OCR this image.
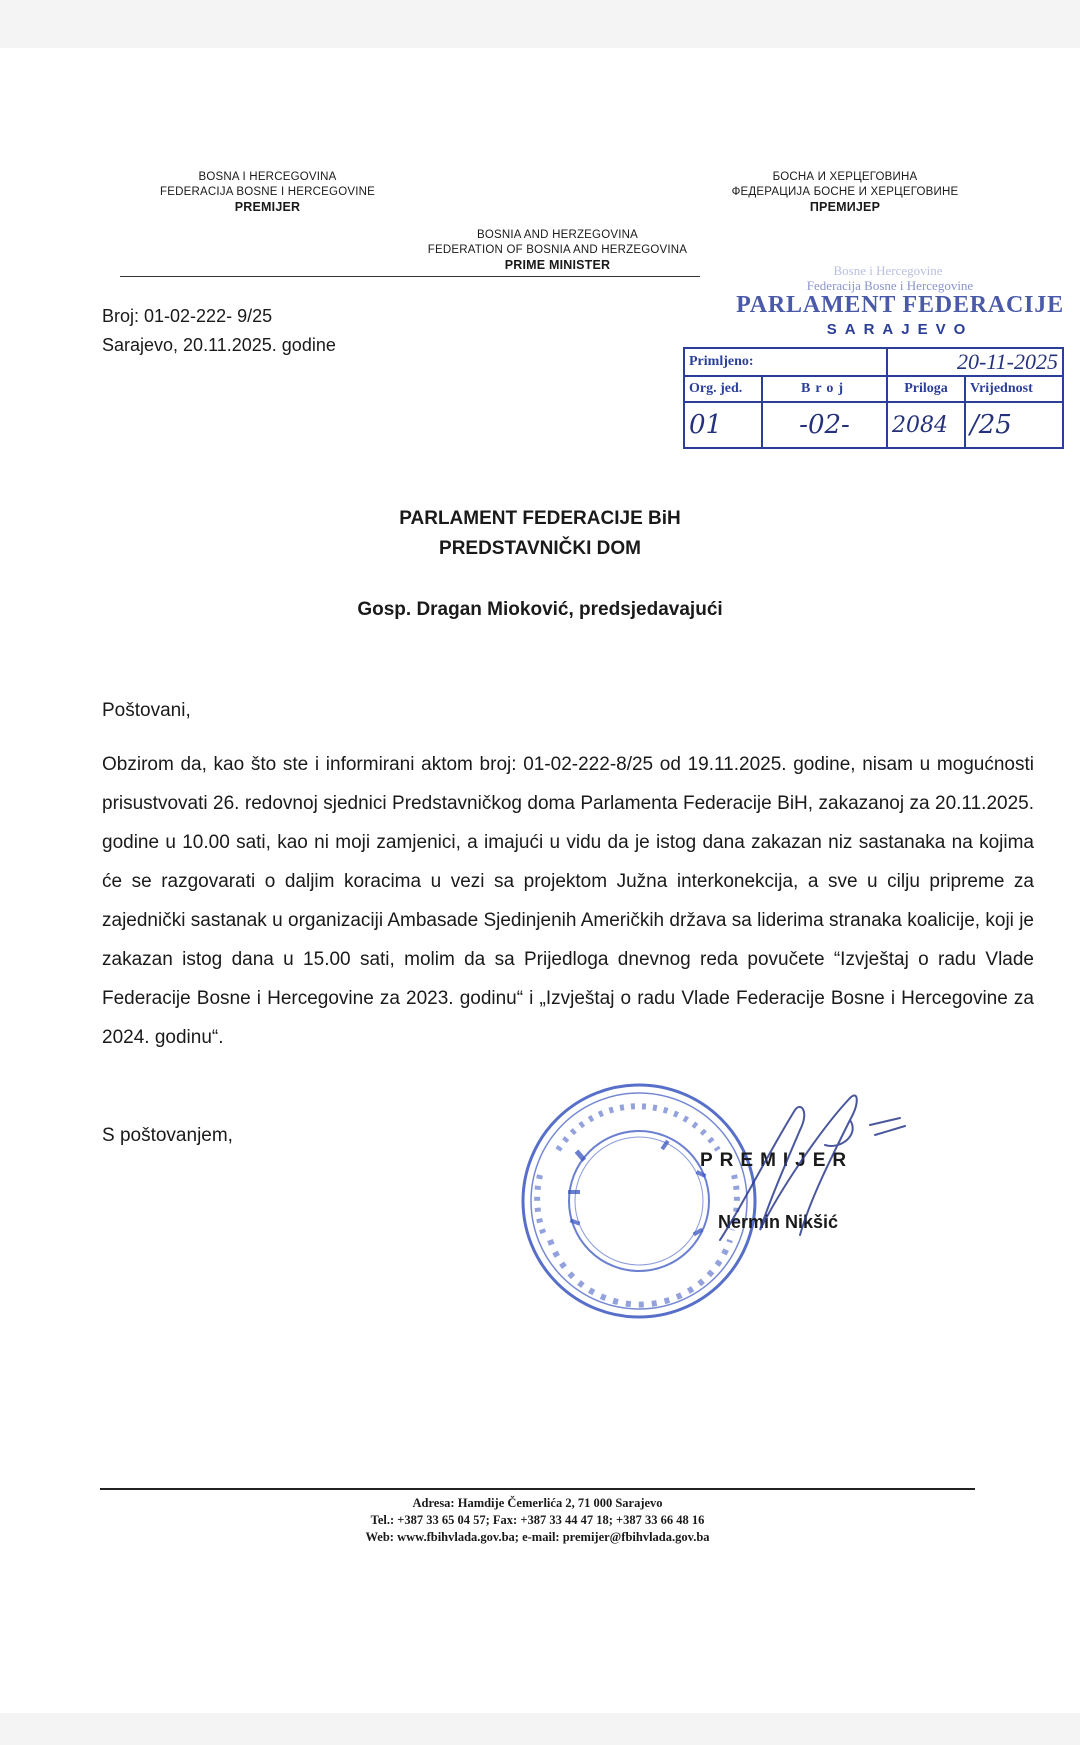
BOSNA I HERCEGOVINA
FEDERACIJA BOSNE I HERCEGOVINE
PREMIJER
БОСНА И ХЕРЦЕГОВИНА
ФЕДЕРАЦИЈА БОСНЕ И ХЕРЦЕГОВИНЕ
ПРЕМИЈЕР
BOSNIA AND HERZEGOVINA
FEDERATION OF BOSNIA AND HERZEGOVINA
PRIME MINISTER
Broj: 01-02-222- 9/25
Sarajevo, 20.11.2025. godine
Bosne i Hercegovine
Federacija Bosne i Hercegovine
PARLAMENT FEDERACIJE
SARAJEVO
Primljeno:		20-11-2025	
Org. jed.	Broj	Priloga	Vrijednost
01	-02-	2084	/25
PARLAMENT FEDERACIJE BiH
PREDSTAVNIČKI DOM
Gosp. Dragan Mioković, predsjedavajući
Poštovani,
Obzirom da, kao što ste i informirani aktom broj: 01-02-222-8/25 od 19.11.2025. godine, nisam u mogućnosti prisustvovati 26. redovnoj sjednici Predstavničkog doma Parlamenta Federacije BiH, zakazanoj za 20.11.2025. godine u 10.00 sati, kao ni moji zamjenici, a imajući u vidu da je istog dana zakazan niz sastanaka na kojima će se razgovarati o daljim koracima u vezi sa projektom Južna interkonekcija, a sve u cilju pripreme za zajednički sastanak u organizaciji Ambasade Sjedinjenih Američkih država sa liderima stranaka koalicije, koji je zakazan istog dana u 15.00 sati, molim da sa Prijedloga dnevnog reda povučete “Izvještaj o radu Vlade Federacije Bosne i Hercegovine za 2023. godinu“ i „Izvještaj o radu Vlade Federacije Bosne i Hercegovine za 2024. godinu“.
S poštovanjem,
PREMIJER
Nermin Nikšić
Adresa: Hamdije Čemerlića 2, 71 000 Sarajevo
Tel.: +387 33 65 04 57; Fax: +387 33 44 47 18; +387 33 66 48 16
Web: www.fbihvlada.gov.ba; e-mail: premijer@fbihvlada.gov.ba
